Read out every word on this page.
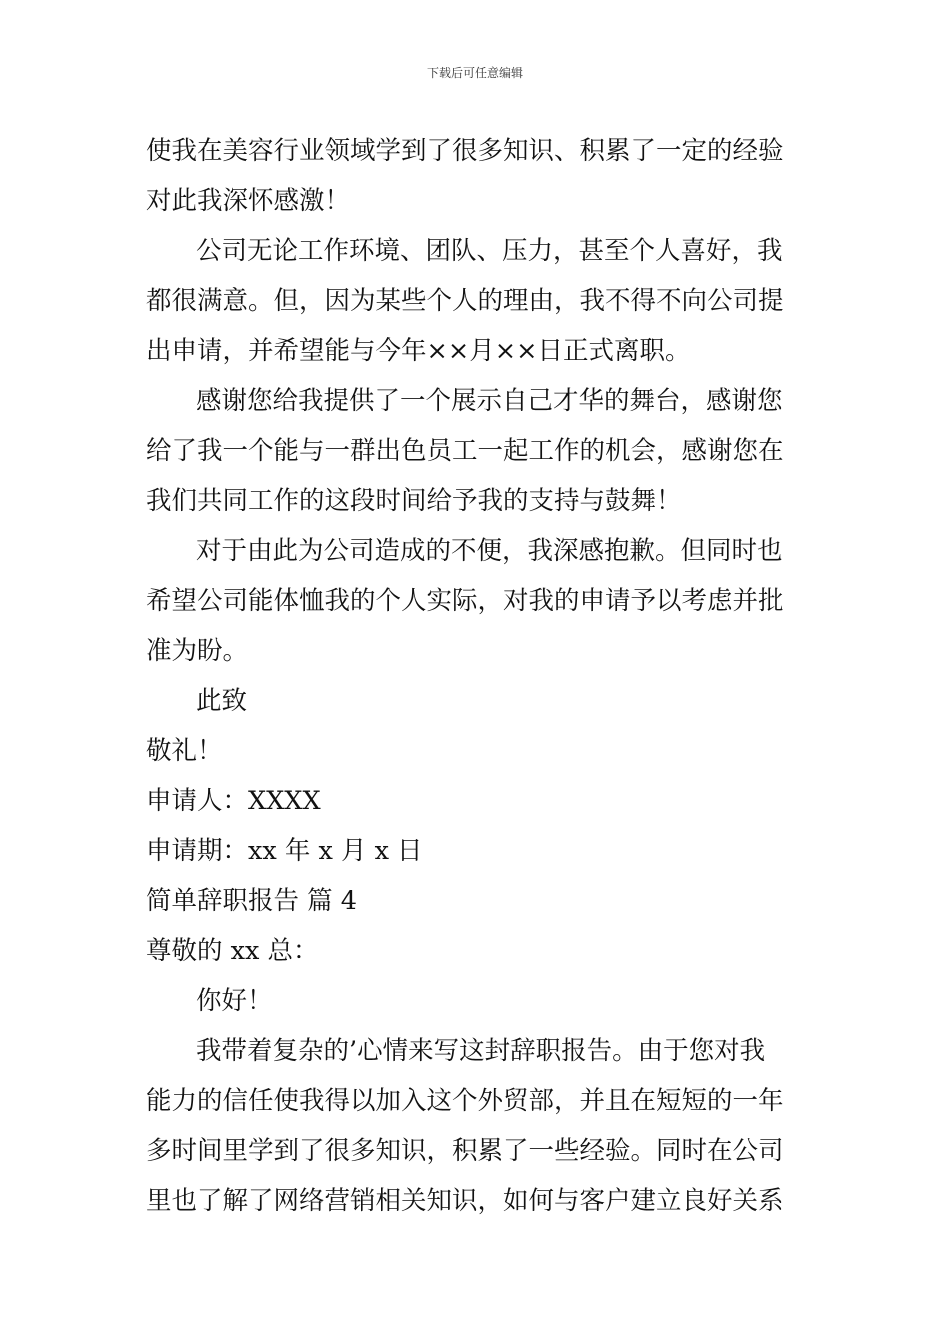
下载后可任意编辑
使我在美容行业领域学到了很多知识、积累了一定的经验
对此我深怀感激！
公司无论工作环境、团队、压力，甚至个人喜好，我
都很满意。但，因为某些个人的理由，我不得不向公司提
出申请，并希望能与今年××月××日正式离职。
感谢您给我提供了一个展示自己才华的舞台，感谢您
给了我一个能与一群出色员工一起工作的机会，感谢您在
我们共同工作的这段时间给予我的支持与鼓舞！
对于由此为公司造成的不便，我深感抱歉。但同时也
希望公司能体恤我的个人实际，对我的申请予以考虑并批
准为盼。
此致
敬礼！
申请人：XXXX
申请期：xx 年 x 月 x 日
简单辞职报告 篇 4
尊敬的 xx 总：
你好！
我带着复杂的’心情来写这封辞职报告。由于您对我
能力的信任使我得以加入这个外贸部，并且在短短的一年
多时间里学到了很多知识，积累了一些经验。同时在公司
里也了解了网络营销相关知识，如何与客户建立良好关系
